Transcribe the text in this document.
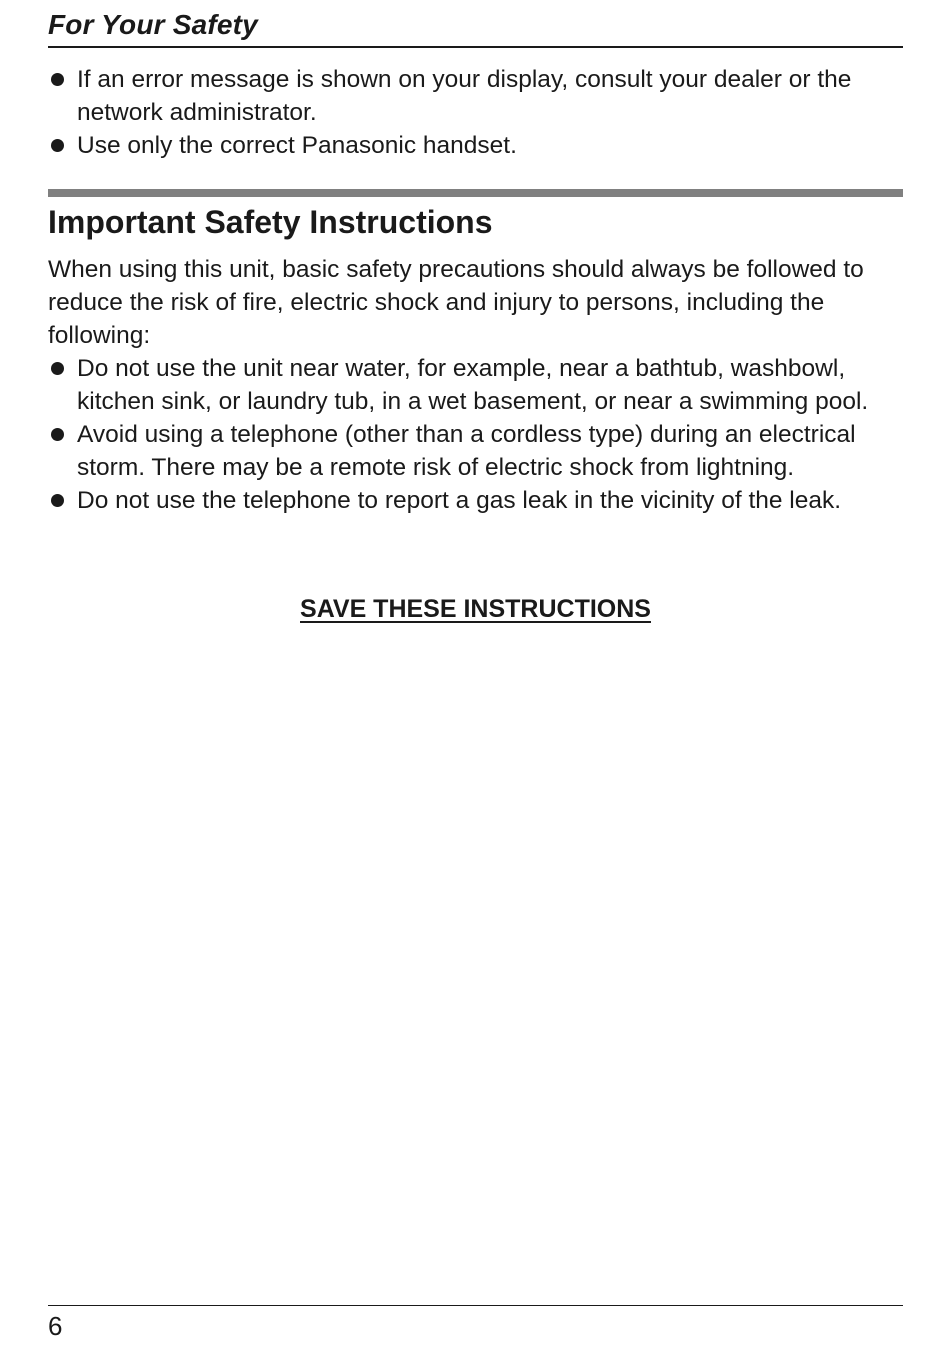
For Your Safety
If an error message is shown on your display, consult your dealer or the network administrator.
Use only the correct Panasonic handset.
Important Safety Instructions

When using this unit, basic safety precautions should always be followed to reduce the risk of fire, electric shock and injury to persons, including the following:

Do not use the unit near water, for example, near a bathtub, washbowl, kitchen sink, or laundry tub, in a wet basement, or near a swimming pool.
Avoid using a telephone (other than a cordless type) during an electrical storm. There may be a remote risk of electric shock from lightning.
Do not use the telephone to report a gas leak in the vicinity of the leak.
SAVE THESE INSTRUCTIONS
6
